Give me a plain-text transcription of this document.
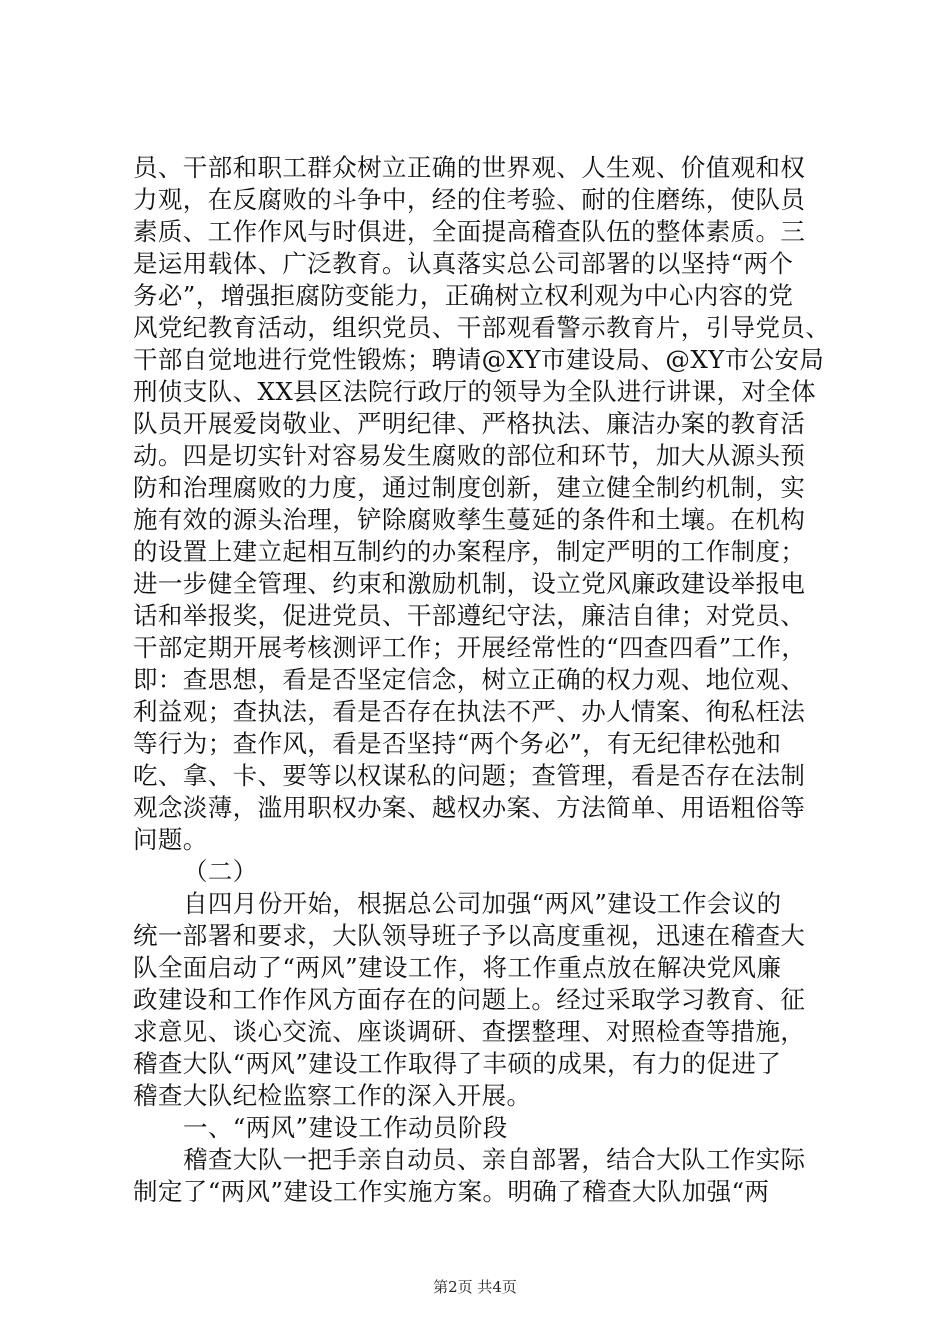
员、干部和职工群众树立正确的世界观、人生观、价值观和权
力观，在反腐败的斗争中，经的住考验、耐的住磨练，使队员
素质、工作作风与时俱进，全面提高稽查队伍的整体素质。三
是运用载体、广泛教育。认真落实总公司部署的以坚持“两个
务必”，增强拒腐防变能力，正确树立权利观为中心内容的党
风党纪教育活动，组织党员、干部观看警示教育片，引导党员、
干部自觉地进行党性锻炼；聘请@XY市建设局、@XY市公安局
刑侦支队、XX县区法院行政厅的领导为全队进行讲课，对全体
队员开展爱岗敬业、严明纪律、严格执法、廉洁办案的教育活
动。四是切实针对容易发生腐败的部位和环节，加大从源头预
防和治理腐败的力度，通过制度创新，建立健全制约机制，实
施有效的源头治理，铲除腐败孳生蔓延的条件和土壤。在机构
的设置上建立起相互制约的办案程序，制定严明的工作制度；
进一步健全管理、约束和激励机制，设立党风廉政建设举报电
话和举报奖，促进党员、干部遵纪守法，廉洁自律；对党员、
干部定期开展考核测评工作；开展经常性的“四查四看”工作，
即：查思想，看是否坚定信念，树立正确的权力观、地位观、
利益观；查执法，看是否存在执法不严、办人情案、徇私枉法
等行为；查作风，看是否坚持“两个务必”，有无纪律松弛和
吃、拿、卡、要等以权谋私的问题；查管理，看是否存在法制
观念淡薄，滥用职权办案、越权办案、方法简单、用语粗俗等
问题。
（二）
自四月份开始，根据总公司加强“两风”建设工作会议的
统一部署和要求，大队领导班子予以高度重视，迅速在稽查大
队全面启动了“两风”建设工作，将工作重点放在解决党风廉
政建设和工作作风方面存在的问题上。经过采取学习教育、征
求意见、谈心交流、座谈调研、查摆整理、对照检查等措施，
稽查大队“两风”建设工作取得了丰硕的成果，有力的促进了
稽查大队纪检监察工作的深入开展。
一、“两风”建设工作动员阶段
稽查大队一把手亲自动员、亲自部署，结合大队工作实际
制定了“两风”建设工作实施方案。明确了稽查大队加强“两
第2页 共4页
